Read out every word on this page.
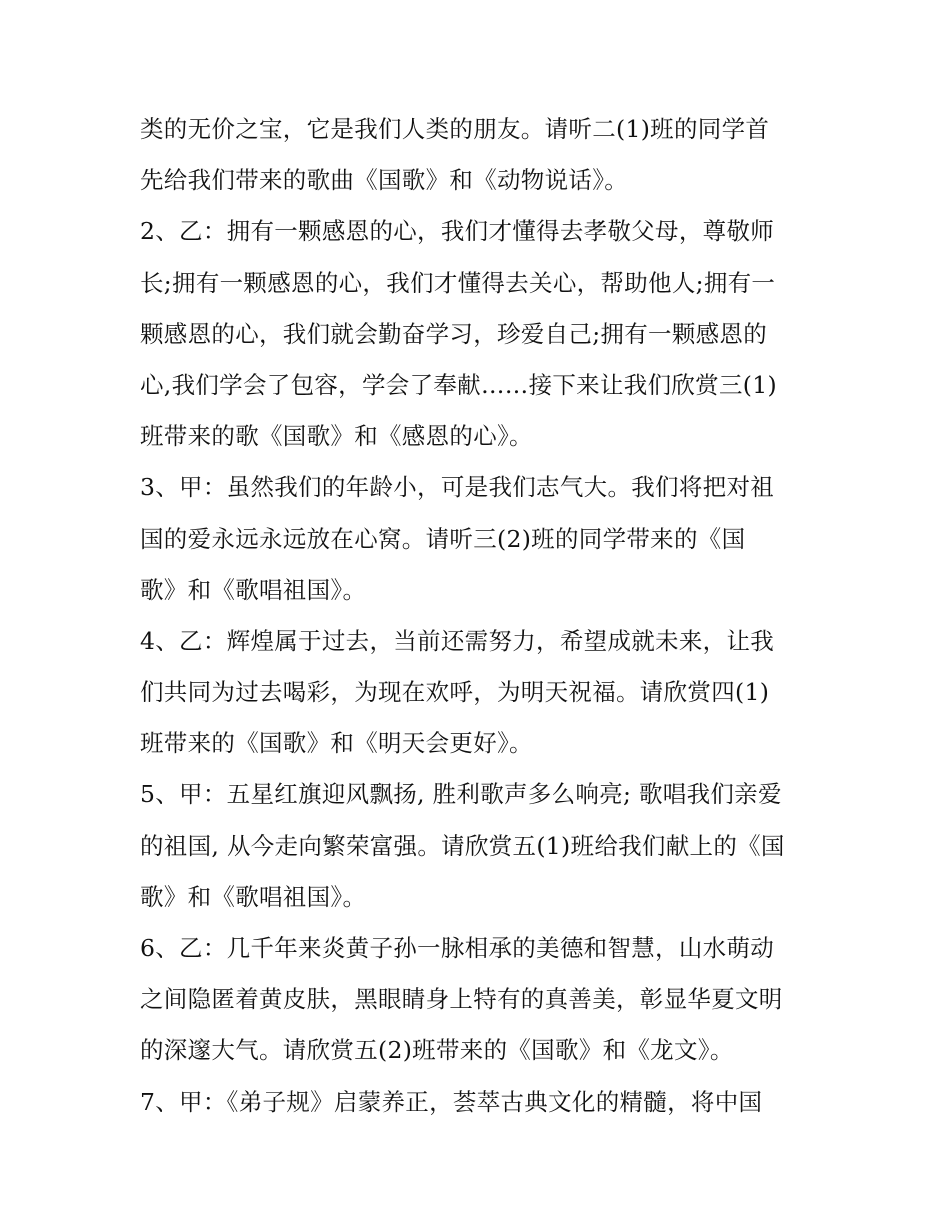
类的无价之宝，它是我们人类的朋友。请听二(1)班的同学首
先给我们带来的歌曲《国歌》和《动物说话》。
2、乙：拥有一颗感恩的心，我们才懂得去孝敬父母，尊敬师
长;拥有一颗感恩的心，我们才懂得去关心，帮助他人;拥有一
颗感恩的心，我们就会勤奋学习，珍爱自己;拥有一颗感恩的
心,我们学会了包容，学会了奉献……接下来让我们欣赏三(1)
班带来的歌《国歌》和《感恩的心》。
3、甲：虽然我们的年龄小，可是我们志气大。我们将把对祖
国的爱永远永远放在心窝。请听三(2)班的同学带来的《国
歌》和《歌唱祖国》。
4、乙：辉煌属于过去，当前还需努力，希望成就未来，让我
们共同为过去喝彩，为现在欢呼，为明天祝福。请欣赏四(1)
班带来的《国歌》和《明天会更好》。
5、甲：五星红旗迎风飘扬, 胜利歌声多么响亮; 歌唱我们亲爱
的祖国, 从今走向繁荣富强。请欣赏五(1)班给我们献上的《国
歌》和《歌唱祖国》。
6、乙：几千年来炎黄子孙一脉相承的美德和智慧，山水萌动
之间隐匿着黄皮肤，黑眼睛身上特有的真善美，彰显华夏文明
的深邃大气。请欣赏五(2)班带来的《国歌》和《龙文》。
7、甲：《弟子规》启蒙养正，荟萃古典文化的精髓，将中国
